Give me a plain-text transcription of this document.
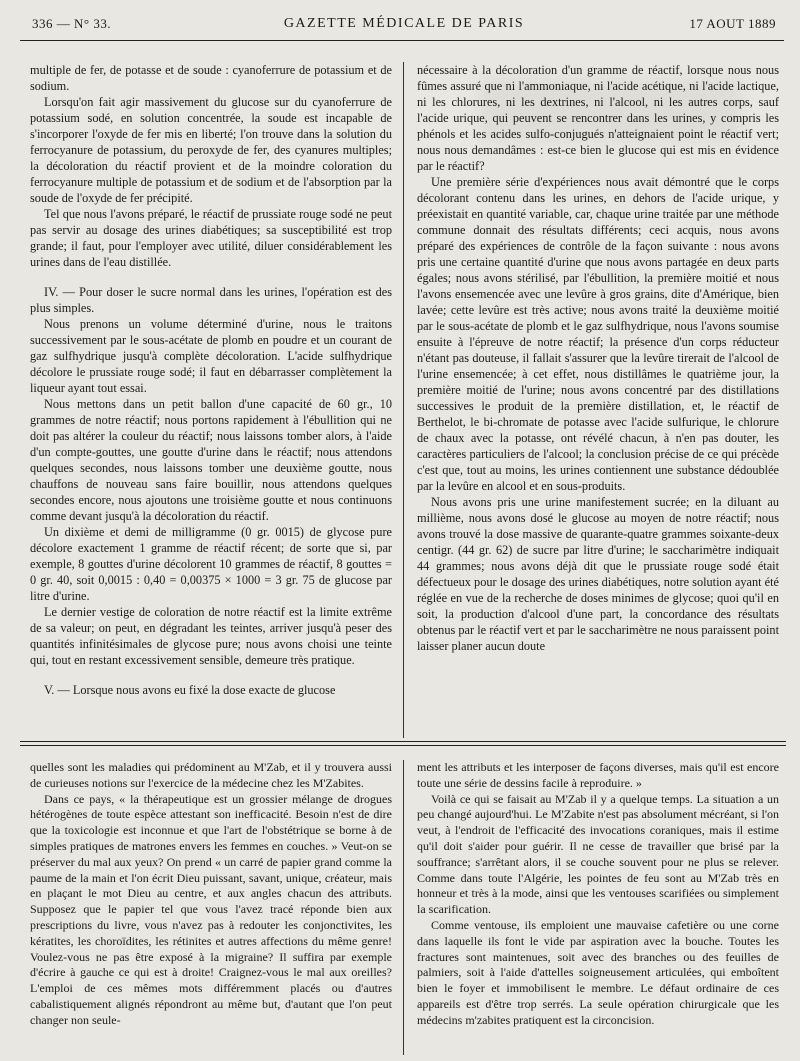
336 — N° 33.	GAZETTE MÉDICALE DE PARIS	17 AOUT 1889

multiple de fer, de potasse et de soude : cyanoferrure de potassium et de sodium.

Lorsqu'on fait agir massivement du glucose sur du cyanoferrure de potassium sodé, en solution concentrée, la soude est incapable de s'incorporer l'oxyde de fer mis en liberté; l'on trouve dans la solution du ferrocyanure de potassium, du peroxyde de fer, des cyanures multiples; la décoloration du réactif provient et de la moindre coloration du ferrocyanure multiple de potassium et de sodium et de l'absorption par la soude de l'oxyde de fer précipité.

Tel que nous l'avons préparé, le réactif de prussiate rouge sodé ne peut pas servir au dosage des urines diabétiques; sa susceptibilité est trop grande; il faut, pour l'employer avec utilité, diluer considérablement les urines dans de l'eau distillée.

IV. — Pour doser le sucre normal dans les urines, l'opération est des plus simples.

Nous prenons un volume déterminé d'urine, nous le traitons successivement par le sous-acétate de plomb en poudre et un courant de gaz sulfhydrique jusqu'à complète décoloration. L'acide sulfhydrique décolore le prussiate rouge sodé; il faut en débarrasser complètement la liqueur ayant tout essai.

Nous mettons dans un petit ballon d'une capacité de 60 gr., 10 grammes de notre réactif; nous portons rapidement à l'ébullition qui ne doit pas altérer la couleur du réactif; nous laissons tomber alors, à l'aide d'un compte-gouttes, une goutte d'urine dans le réactif; nous attendons quelques secondes, nous laissons tomber une deuxième goutte, nous chauffons de nouveau sans faire bouillir, nous attendons quelques secondes encore, nous ajoutons une troisième goutte et nous continuons comme devant jusqu'à la décoloration du réactif.

Un dixième et demi de milligramme (0 gr. 0015) de glycose pure décolore exactement 1 gramme de réactif récent; de sorte que si, par exemple, 8 gouttes d'urine décolorent 10 grammes de réactif, 8 gouttes = 0 gr. 40, soit 0,0015 : 0,40 = 0,00375 × 1000 = 3 gr. 75 de glucose par litre d'urine.

Le dernier vestige de coloration de notre réactif est la limite extrême de sa valeur; on peut, en dégradant les teintes, arriver jusqu'à peser des quantités infinitésimales de glycose pure; nous avons choisi une teinte qui, tout en restant excessivement sensible, demeure très pratique.

V. — Lorsque nous avons eu fixé la dose exacte de glucose

nécessaire à la décoloration d'un gramme de réactif, lorsque nous nous fûmes assuré que ni l'ammoniaque, ni l'acide acétique, ni l'acide lactique, ni les chlorures, ni les dextrines, ni l'alcool, ni les autres corps, sauf l'acide urique, qui peuvent se rencontrer dans les urines, y compris les phénols et les acides sulfo-conjugués n'atteignaient point le réactif vert; nous nous demandâmes : est-ce bien le glucose qui est mis en évidence par le réactif?

Une première série d'expériences nous avait démontré que le corps décolorant contenu dans les urines, en dehors de l'acide urique, y préexistait en quantité variable, car, chaque urine traitée par une méthode commune donnait des résultats différents; ceci acquis, nous avons préparé des expériences de contrôle de la façon suivante : nous avons pris une certaine quantité d'urine que nous avons partagée en deux parts égales; nous avons stérilisé, par l'ébullition, la première moitié et nous l'avons ensemencée avec une levûre à gros grains, dite d'Amérique, bien lavée; cette levûre est très active; nous avons traité la deuxième moitié par le sous-acétate de plomb et le gaz sulfhydrique, nous l'avons soumise ensuite à l'épreuve de notre réactif; la présence d'un corps réducteur n'étant pas douteuse, il fallait s'assurer que la levûre tirerait de l'alcool de l'urine ensemencée; à cet effet, nous distillâmes le quatrième jour, la première moitié de l'urine; nous avons concentré par des distillations successives le produit de la première distillation, et, le réactif de Berthelot, le bi-chromate de potasse avec l'acide sulfurique, le chlorure de chaux avec la potasse, ont révélé chacun, à n'en pas douter, les caractères particuliers de l'alcool; la conclusion précise de ce qui précède c'est que, tout au moins, les urines contiennent une substance dédoublée par la levûre en alcool et en sous-produits.

Nous avons pris une urine manifestement sucrée; en la diluant au millième, nous avons dosé le glucose au moyen de notre réactif; nous avons trouvé la dose massive de quarante-quatre grammes soixante-deux centigr. (44 gr. 62) de sucre par litre d'urine; le saccharimètre indiquait 44 grammes; nous avons déjà dit que le prussiate rouge sodé était défectueux pour le dosage des urines diabétiques, notre solution ayant été réglée en vue de la recherche de doses minimes de glycose; quoi qu'il en soit, la production d'alcool d'une part, la concordance des résultats obtenus par le réactif vert et par le saccharimètre ne nous paraissent point laisser planer aucun doute

quelles sont les maladies qui prédominent au M'Zab, et il y trouvera aussi de curieuses notions sur l'exercice de la médecine chez les M'Zabites.

Dans ce pays, « la thérapeutique est un grossier mélange de drogues hétérogènes de toute espèce attestant son inefficacité. Besoin n'est de dire que la toxicologie est inconnue et que l'art de l'obstétrique se borne à de simples pratiques de matrones envers les femmes en couches. » Veut-on se préserver du mal aux yeux? On prend « un carré de papier grand comme la paume de la main et l'on écrit Dieu puissant, savant, unique, créateur, mais en plaçant le mot Dieu au centre, et aux angles chacun des attributs. Supposez que le papier tel que vous l'avez tracé réponde bien aux prescriptions du livre, vous n'avez pas à redouter les conjonctivites, les kératites, les choroïdites, les rétinites et autres affections du même genre! Voulez-vous ne pas être exposé à la migraine? Il suffira par exemple d'écrire à gauche ce qui est à droite! Craignez-vous le mal aux oreilles? L'emploi de ces mêmes mots différemment placés ou d'autres cabalistiquement alignés répondront au même but, d'autant que l'on peut changer non seule-

ment les attributs et les interposer de façons diverses, mais qu'il est encore toute une série de dessins facile à reproduire. »

Voilà ce qui se faisait au M'Zab il y a quelque temps. La situation a un peu changé aujourd'hui. Le M'Zabite n'est pas absolument mécréant, si l'on veut, à l'endroit de l'efficacité des invocations coraniques, mais il estime qu'il doit s'aider pour guérir. Il ne cesse de travailler que brisé par la souffrance; s'arrêtant alors, il se couche souvent pour ne plus se relever. Comme dans toute l'Algérie, les pointes de feu sont au M'Zab très en honneur et très à la mode, ainsi que les ventouses scarifiées ou simplement la scarification.

Comme ventouse, ils emploient une mauvaise cafetière ou une corne dans laquelle ils font le vide par aspiration avec la bouche. Toutes les fractures sont maintenues, soit avec des branches ou des feuilles de palmiers, soit à l'aide d'attelles soigneusement articulées, qui emboîtent bien le foyer et immobilisent le membre. Le défaut ordinaire de ces appareils est d'être trop serrés. La seule opération chirurgicale que les médecins m'zabites pratiquent est la circoncision.
